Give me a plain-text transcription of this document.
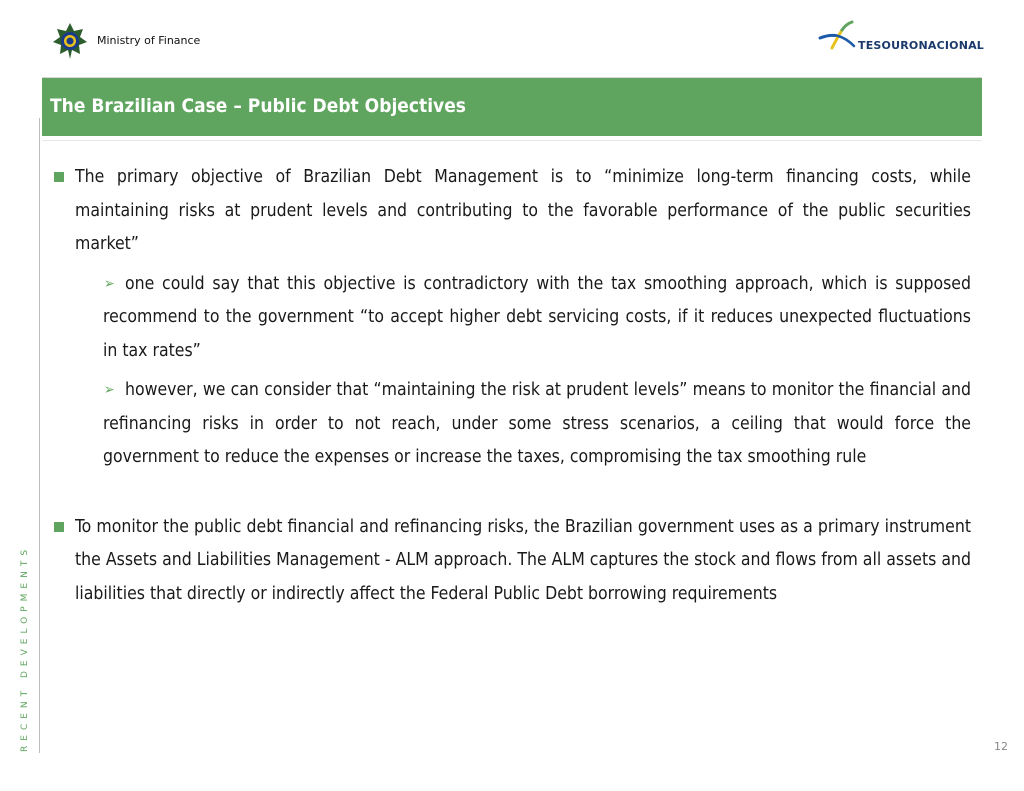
Ministry of Finance	TESOURONACIONAL
The Brazilian Case – Public Debt Objectives
RECENT DEVELOPMENTS
The primary objective of Brazilian Debt Management is to “minimize long-term financing costs, while maintaining risks at prudent levels and contributing to the favorable performance of the public securities market”
➢ one could say that this objective is contradictory with the tax smoothing approach, which is supposed recommend to the government “to accept higher debt servicing costs, if it reduces unexpected fluctuations in tax rates”
➢ however, we can consider that “maintaining the risk at prudent levels” means to monitor the financial and refinancing risks in order to not reach, under some stress scenarios, a ceiling that would force the government to reduce the expenses or increase the taxes, compromising the tax smoothing rule
To monitor the public debt financial and refinancing risks, the Brazilian government uses as a primary instrument the Assets and Liabilities Management - ALM approach. The ALM captures the stock and flows from all assets and liabilities that directly or indirectly affect the Federal Public Debt borrowing requirements
12
